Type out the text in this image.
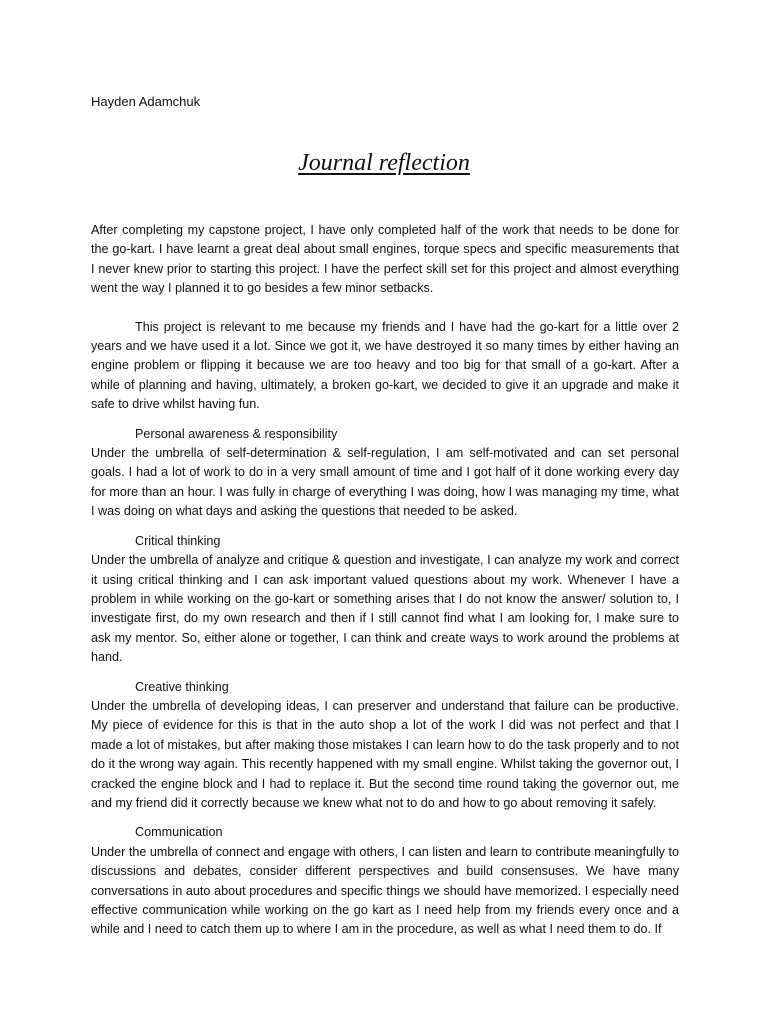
Hayden Adamchuk

Journal reflection

After completing my capstone project, I have only completed half of the work that needs to be done for the go-kart. I have learnt a great deal about small engines, torque specs and specific measurements that I never knew prior to starting this project. I have the perfect skill set for this project and almost everything went the way I planned it to go besides a few minor setbacks.

This project is relevant to me because my friends and I have had the go-kart for a little over 2 years and we have used it a lot. Since we got it, we have destroyed it so many times by either having an engine problem or flipping it because we are too heavy and too big for that small of a go-kart. After a while of planning and having, ultimately, a broken go-kart, we decided to give it an upgrade and make it safe to drive whilst having fun.

Personal awareness & responsibility

Under the umbrella of self-determination & self-regulation, I am self-motivated and can set personal goals. I had a lot of work to do in a very small amount of time and I got half of it done working every day for more than an hour. I was fully in charge of everything I was doing, how I was managing my time, what I was doing on what days and asking the questions that needed to be asked.

Critical thinking

Under the umbrella of analyze and critique & question and investigate, I can analyze my work and correct it using critical thinking and I can ask important valued questions about my work. Whenever I have a problem in while working on the go-kart or something arises that I do not know the answer/ solution to, I investigate first, do my own research and then if I still cannot find what I am looking for, I make sure to ask my mentor. So, either alone or together, I can think and create ways to work around the problems at hand.

Creative thinking

Under the umbrella of developing ideas, I can preserver and understand that failure can be productive. My piece of evidence for this is that in the auto shop a lot of the work I did was not perfect and that I made a lot of mistakes, but after making those mistakes I can learn how to do the task properly and to not do it the wrong way again. This recently happened with my small engine. Whilst taking the governor out, I cracked the engine block and I had to replace it. But the second time round taking the governor out, me and my friend did it correctly because we knew what not to do and how to go about removing it safely.

Communication

Under the umbrella of connect and engage with others, I can listen and learn to contribute meaningfully to discussions and debates, consider different perspectives and build consensuses. We have many conversations in auto about procedures and specific things we should have memorized. I especially need effective communication while working on the go kart as I need help from my friends every once and a while and I need to catch them up to where I am in the procedure, as well as what I need them to do. If
